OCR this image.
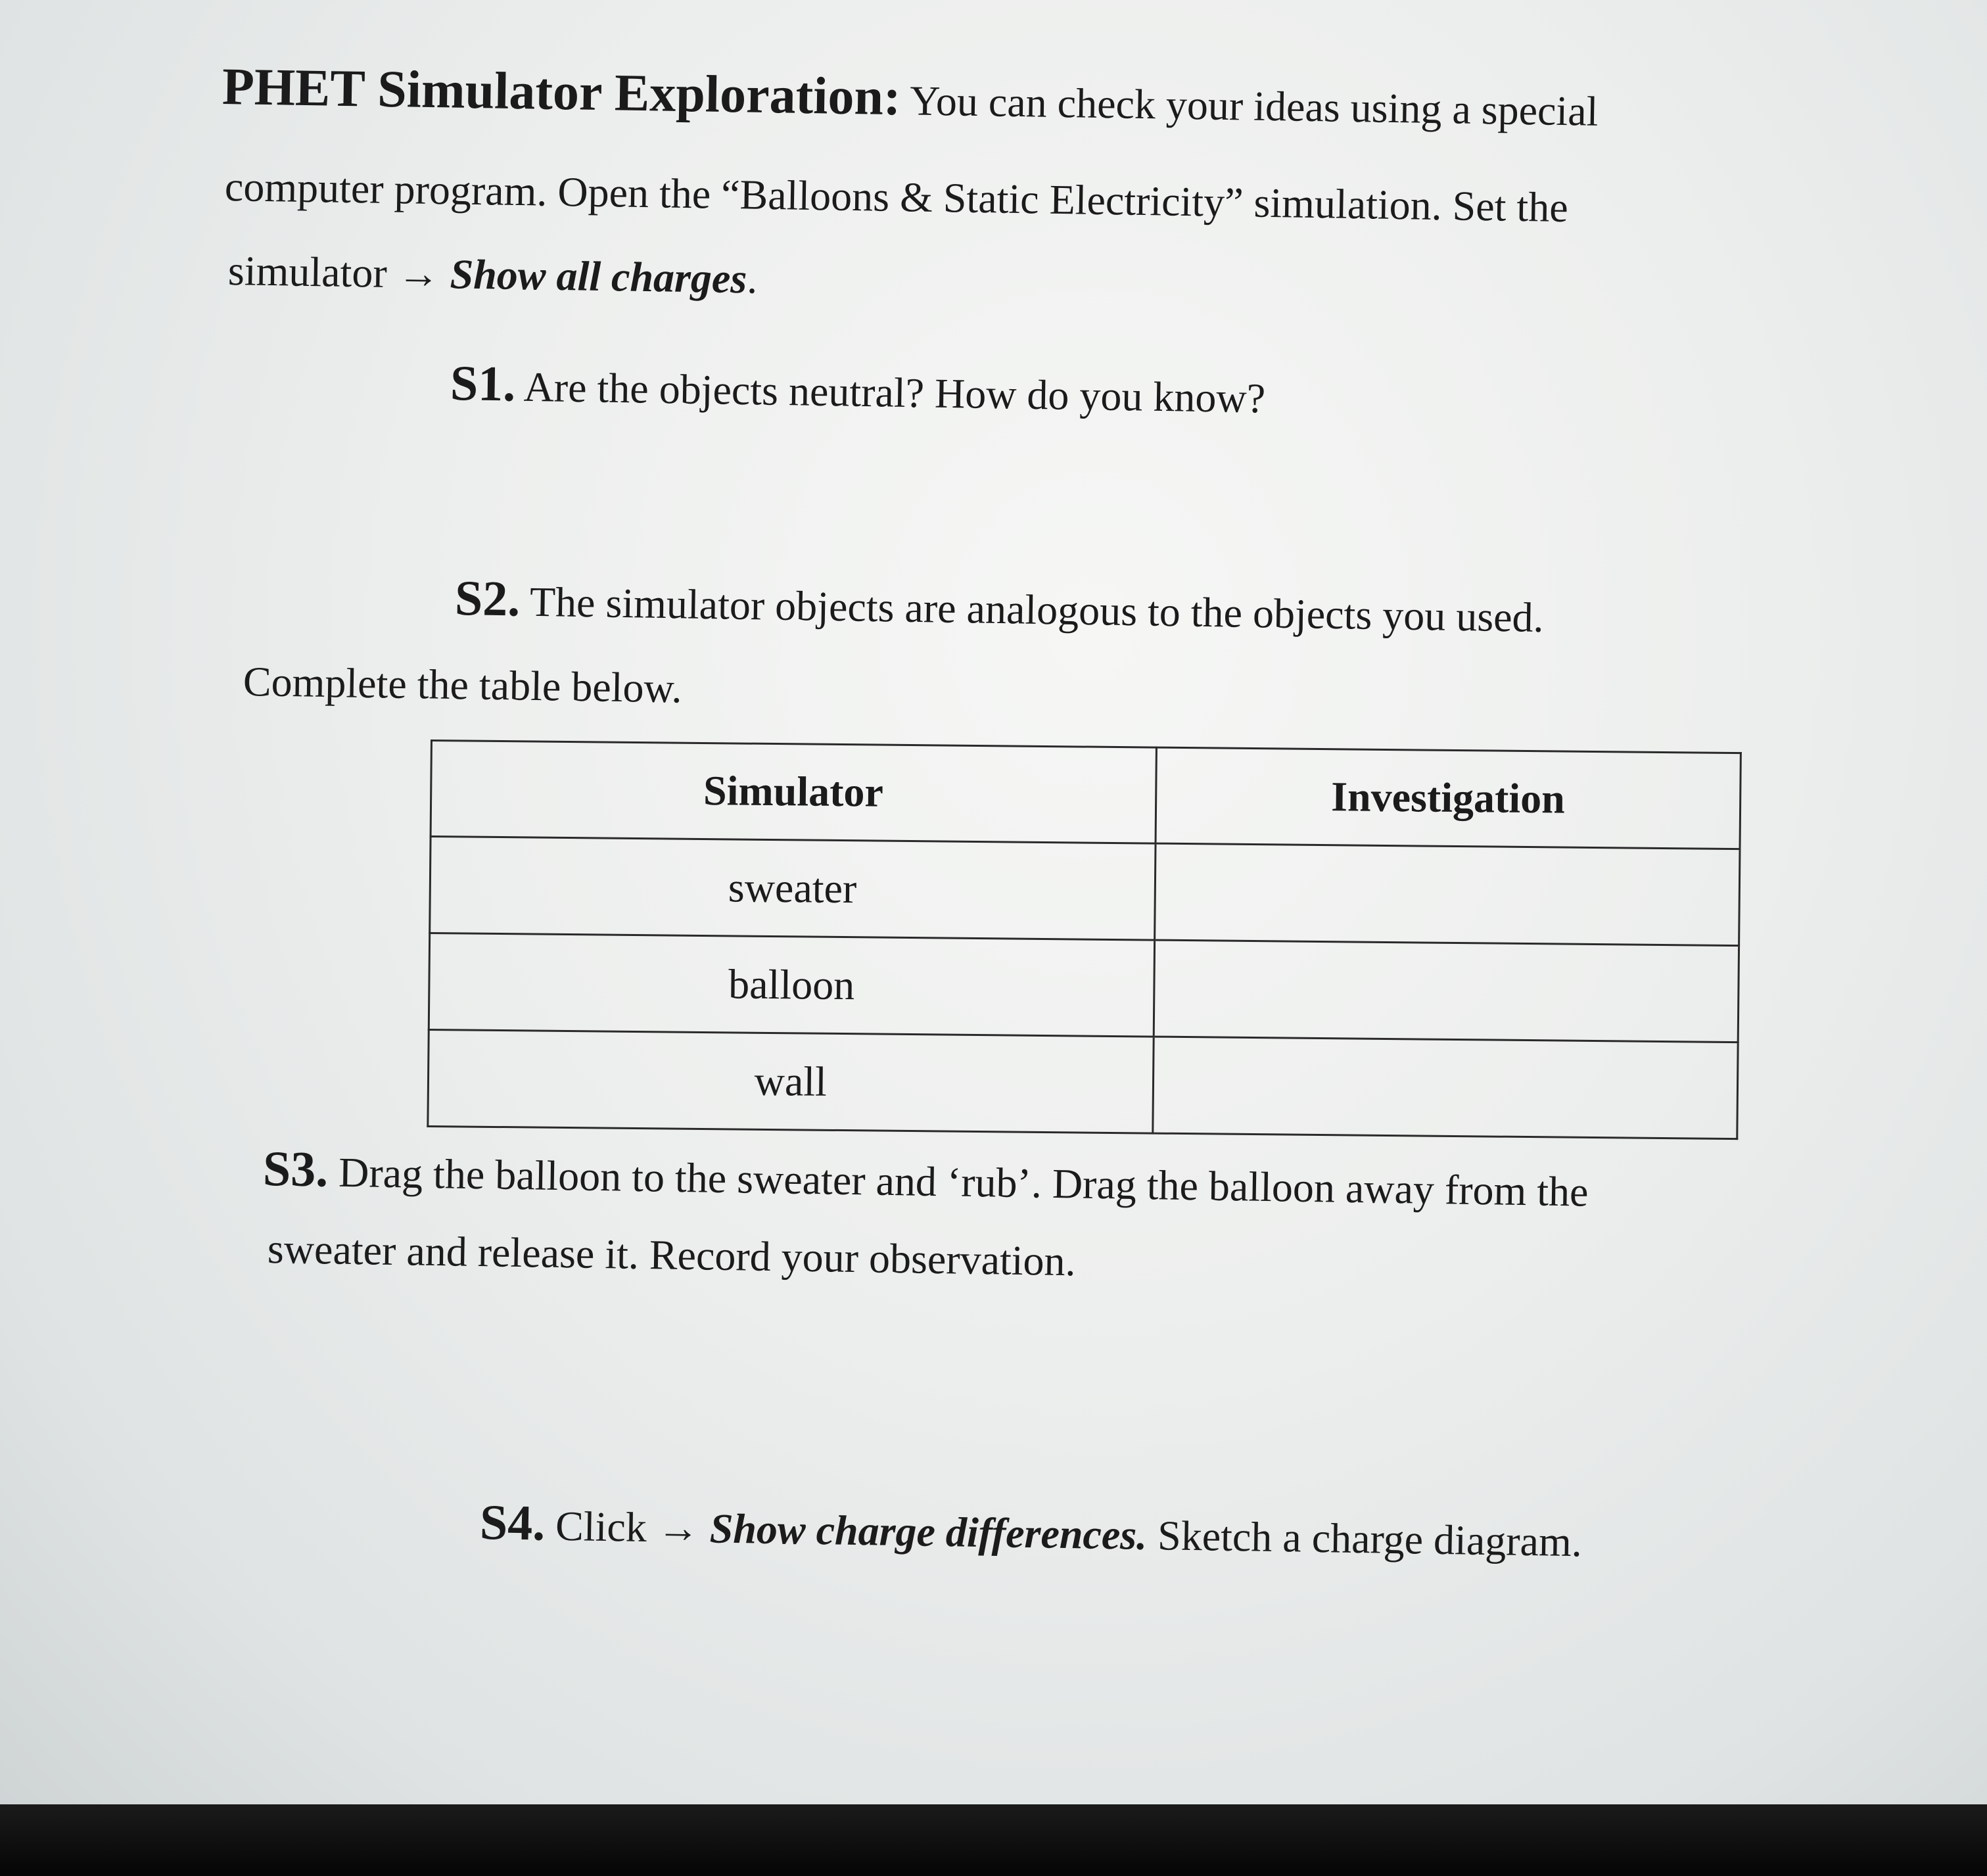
PHET Simulator Exploration: You can check your ideas using a special
computer program. Open the “Balloons & Static Electricity” simulation. Set the
simulator → Show all charges.
S1. Are the objects neutral? How do you know?
S2. The simulator objects are analogous to the objects you used.
Complete the table below.
Simulator	Investigation
sweater	
balloon	
wall	
S3. Drag the balloon to the sweater and ‘rub’. Drag the balloon away from the
sweater and release it. Record your observation.
S4. Click → Show charge differences. Sketch a charge diagram.
